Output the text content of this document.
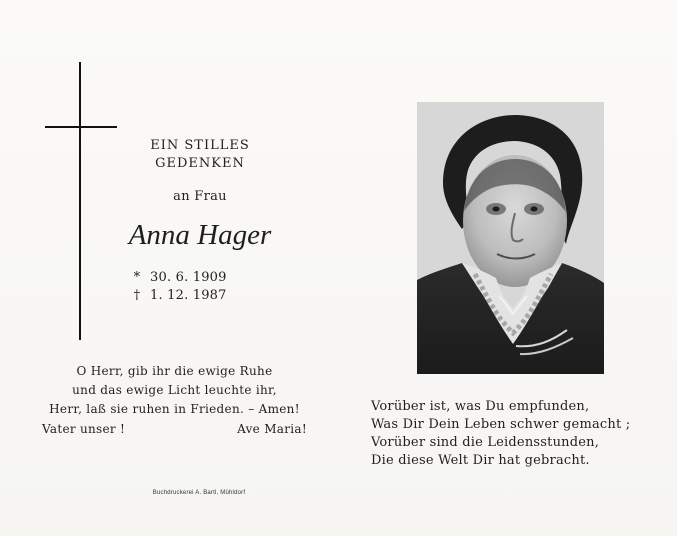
EIN STILLES
GEDENKEN
an Frau
Anna Hager
* 30. 6. 1909
† 1. 12. 1987
O Herr, gib ihr die ewige Ruhe
und das ewige Licht leuchte ihr,
Herr, laß sie ruhen in Frieden. – Amen!
Vater unser !	Ave Maria!
Vorüber ist, was Du empfunden,
Was Dir Dein Leben schwer gemacht ;
Vorüber sind die Leidensstunden,
Die diese Welt Dir hat gebracht.
Buchdruckerei A. Bartl, Mühldorf
